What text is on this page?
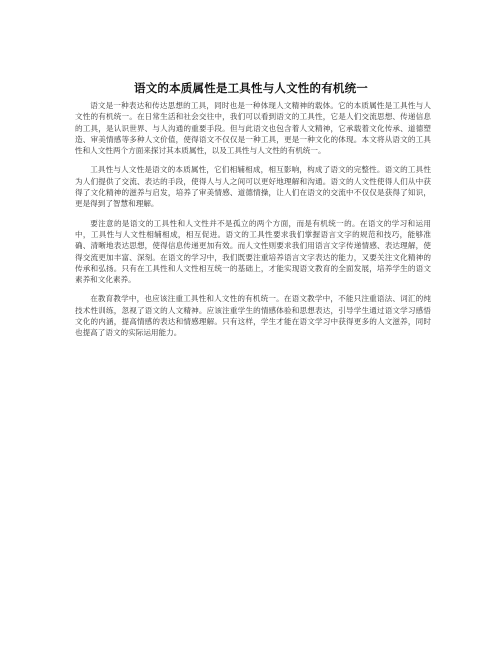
语文的本质属性是工具性与人文性的有机统一

语文是一种表达和传达思想的工具，同时也是一种体现人文精神的载体。它的本质属性是工具性与人文性的有机统一。在日常生活和社会交往中，我们可以看到语文的工具性，它是人们交流思想、传递信息的工具，是认识世界、与人沟通的重要手段。但与此语文也包含着人文精神，它承载着文化传承、道德塑造、审美情感等多种人文价值，使得语文不仅仅是一种工具，更是一种文化的体现。本文将从语文的工具性和人文性两个方面来探讨其本质属性，以及工具性与人文性的有机统一。

工具性与人文性是语文的本质属性，它们相辅相成，相互影响，构成了语文的完整性。语文的工具性为人们提供了交流、表达的手段，使得人与人之间可以更好地理解和沟通。语文的人文性使得人们从中获得了文化精神的滋养与启发，培养了审美情感、道德情操，让人们在语文的交流中不仅仅是获得了知识，更是得到了智慧和理解。

要注意的是语文的工具性和人文性并不是孤立的两个方面，而是有机统一的。在语文的学习和运用中，工具性与人文性相辅相成，相互促进。语文的工具性要求我们掌握语言文字的规范和技巧，能够准确、清晰地表达思想，使得信息传递更加有效。而人文性则要求我们用语言文字传递情感、表达理解，使得交流更加丰富、深刻。在语文的学习中，我们既要注重培养语言文字表达的能力，又要关注文化精神的传承和弘扬。只有在工具性和人文性相互统一的基础上，才能实现语文教育的全面发展，培养学生的语文素养和文化素养。

在教育教学中，也应该注重工具性和人文性的有机统一。在语文教学中，不能只注重语法、词汇的纯技术性训练，忽视了语文的人文精神。应该注重学生的情感体验和思想表达，引导学生通过语文学习感悟文化的内涵，提高情感的表达和情感理解。只有这样，学生才能在语文学习中获得更多的人文滋养，同时也提高了语文的实际运用能力。
